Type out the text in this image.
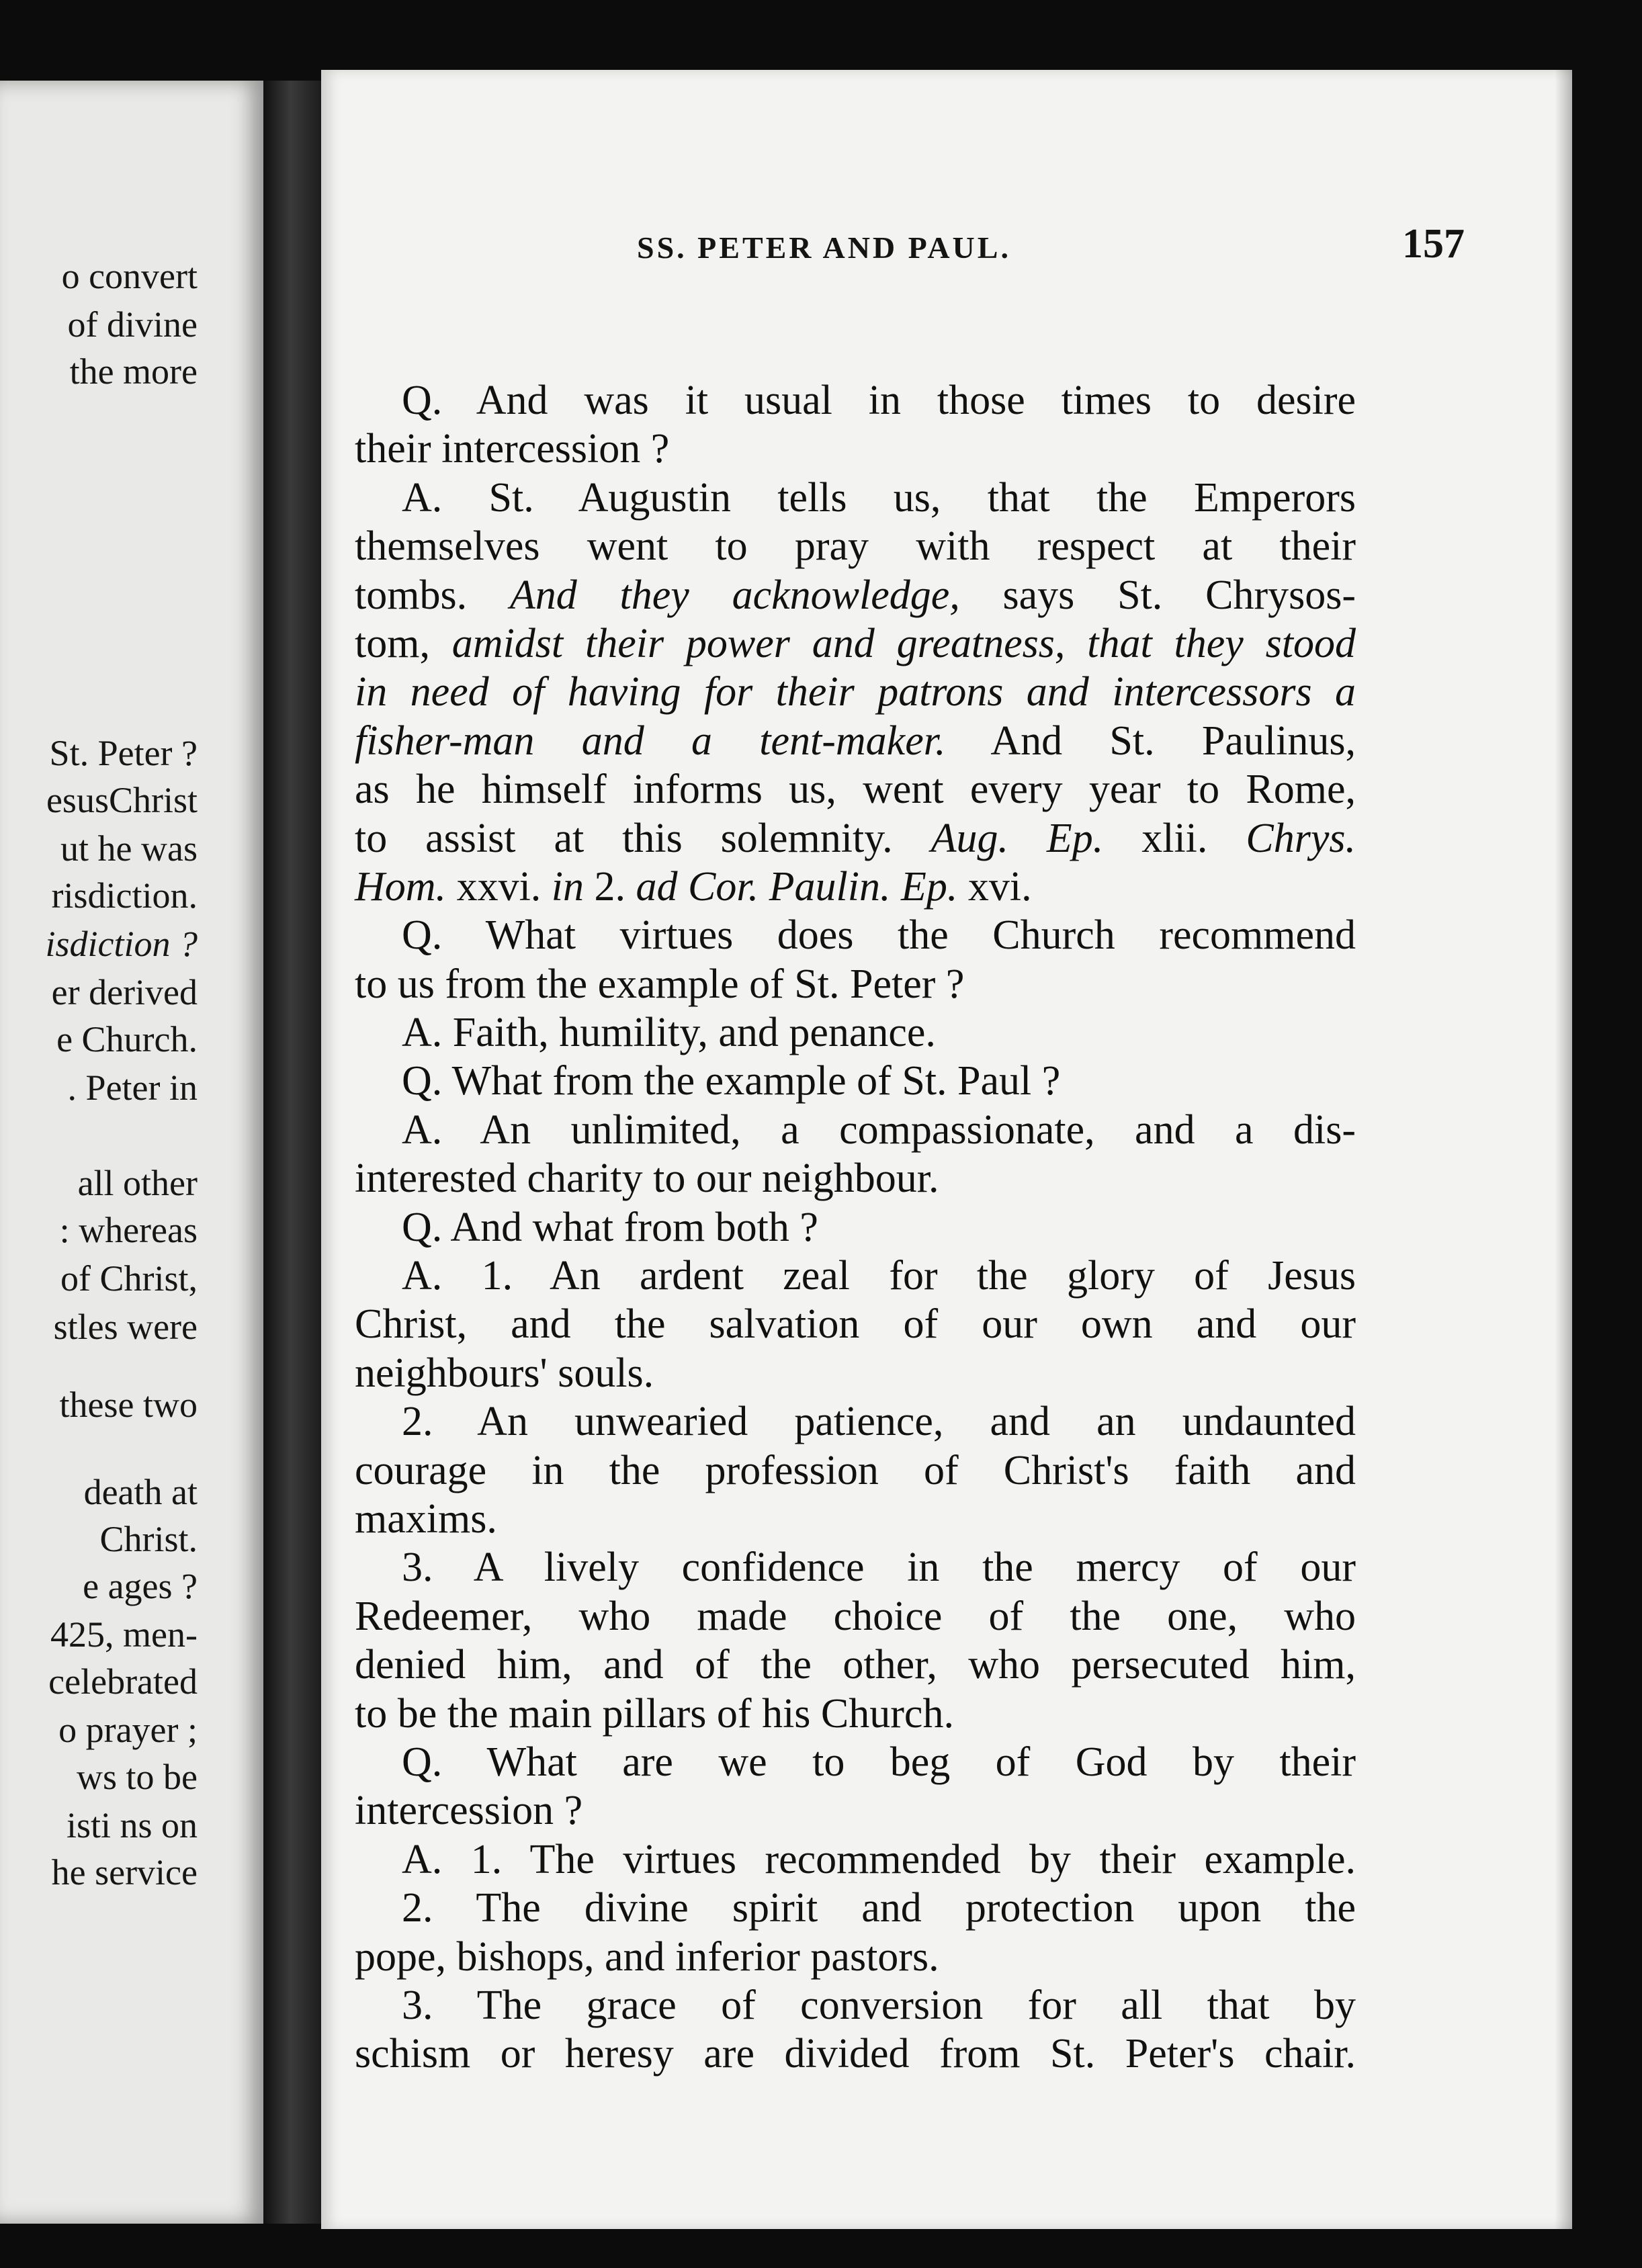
o convert
of divine
the more
St. Peter ?
esusChrist
ut he was
risdiction.
isdiction ?
er derived
e Church.
. Peter in
all other
: whereas
of Christ,
stles were
these two
death at
Christ.
e ages ?
425, men-
celebrated
o prayer ;
ws to be
isti ns on
he service
SS. PETER AND PAUL.	157
Q. And was it usual in those times to desire
their intercession ?
A. St. Augustin tells us, that the Emperors
themselves went to pray with respect at their
tombs. And they acknowledge, says St. Chrysos-
tom, amidst their power and greatness, that they stood
in need of having for their patrons and intercessors a
fisher-man and a tent-maker. And St. Paulinus,
as he himself informs us, went every year to Rome,
to assist at this solemnity. Aug. Ep. xlii. Chrys.
Hom. xxvi. in 2. ad Cor. Paulin. Ep. xvi.
Q. What virtues does the Church recommend
to us from the example of St. Peter ?
A. Faith, humility, and penance.
Q. What from the example of St. Paul ?
A. An unlimited, a compassionate, and a dis-
interested charity to our neighbour.
Q. And what from both ?
A. 1. An ardent zeal for the glory of Jesus
Christ, and the salvation of our own and our
neighbours' souls.
2. An unwearied patience, and an undaunted
courage in the profession of Christ's faith and
maxims.
3. A lively confidence in the mercy of our
Redeemer, who made choice of the one, who
denied him, and of the other, who persecuted him,
to be the main pillars of his Church.
Q. What are we to beg of God by their
intercession ?
A. 1. The virtues recommended by their example.
2. The divine spirit and protection upon the
pope, bishops, and inferior pastors.
3. The grace of conversion for all that by
schism or heresy are divided from St. Peter's chair.
